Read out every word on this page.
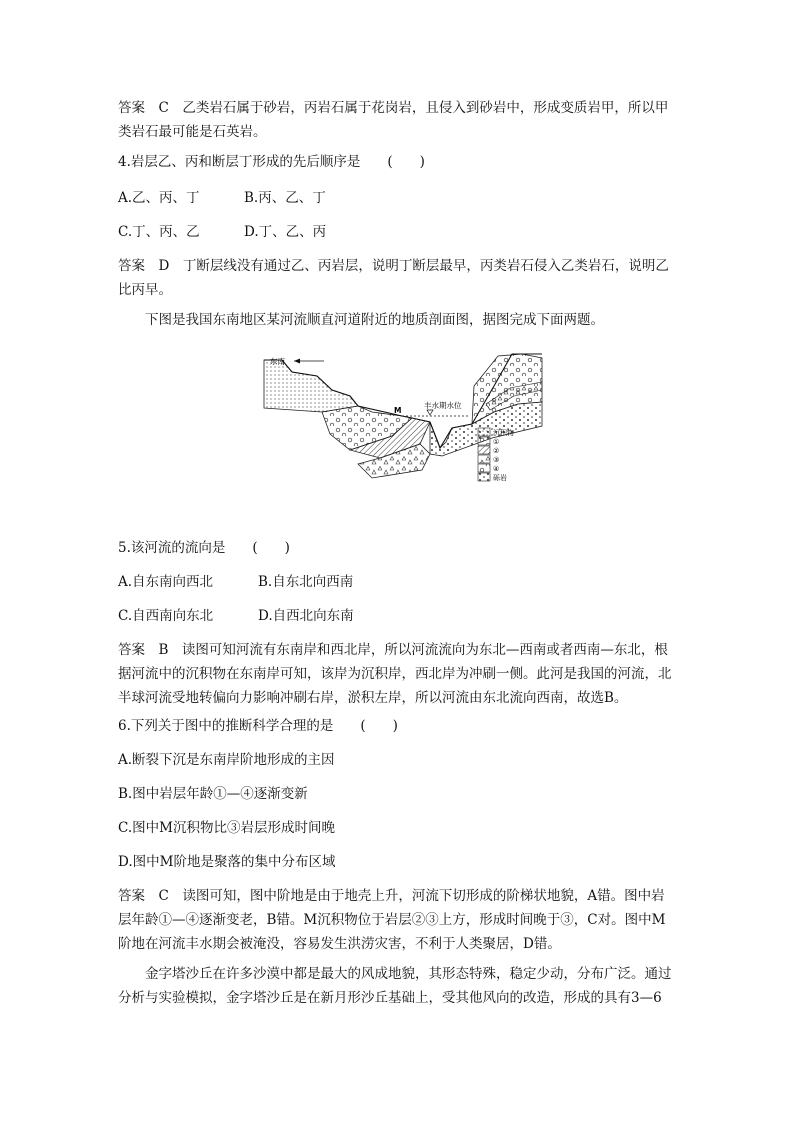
答案　C　乙类岩石属于砂岩，丙岩石属于花岗岩，且侵入到砂岩中，形成变质岩甲，所以甲类岩石最可能是石英岩。

4.岩层乙、丙和断层丁形成的先后顺序是　　(　　)

A.乙、丙、丁	B.丙、乙、丁
C.丁、丙、乙	D.丁、乙、丙

答案　D　丁断层线没有通过乙、丙岩层，说明丁断层最早，丙类岩石侵入乙类岩石，说明乙比丙早。

下图是我国东南地区某河流顺直河道附近的地质剖面图，据图完成下面两题。

东南
丰水期水位
M
沉积物
①
②
③
④
砾岩

5.该河流的流向是　　(　　)

A.自东南向西北	B.自东北向西南
C.自西南向东北	D.自西北向东南

答案　B　读图可知河流有东南岸和西北岸，所以河流流向为东北—西南或者西南—东北，根据河流中的沉积物在东南岸可知，该岸为沉积岸，西北岸为冲刷一侧。此河是我国的河流，北半球河流受地转偏向力影响冲刷右岸，淤积左岸，所以河流由东北流向西南，故选B。

6.下列关于图中的推断科学合理的是　　(　　)

A.断裂下沉是东南岸阶地形成的主因
B.图中岩层年龄①—④逐渐变新
C.图中M沉积物比③岩层形成时间晚
D.图中M阶地是聚落的集中分布区域

答案　C　读图可知，图中阶地是由于地壳上升，河流下切形成的阶梯状地貌，A错。图中岩层年龄①—④逐渐变老，B错。M沉积物位于岩层②③上方，形成时间晚于③，C对。图中M阶地在河流丰水期会被淹没，容易发生洪涝灾害，不利于人类聚居，D错。

金字塔沙丘在许多沙漠中都是最大的风成地貌，其形态特殊，稳定少动，分布广泛。通过分析与实验模拟，金字塔沙丘是在新月形沙丘基础上，受其他风向的改造，形成的具有3—6
